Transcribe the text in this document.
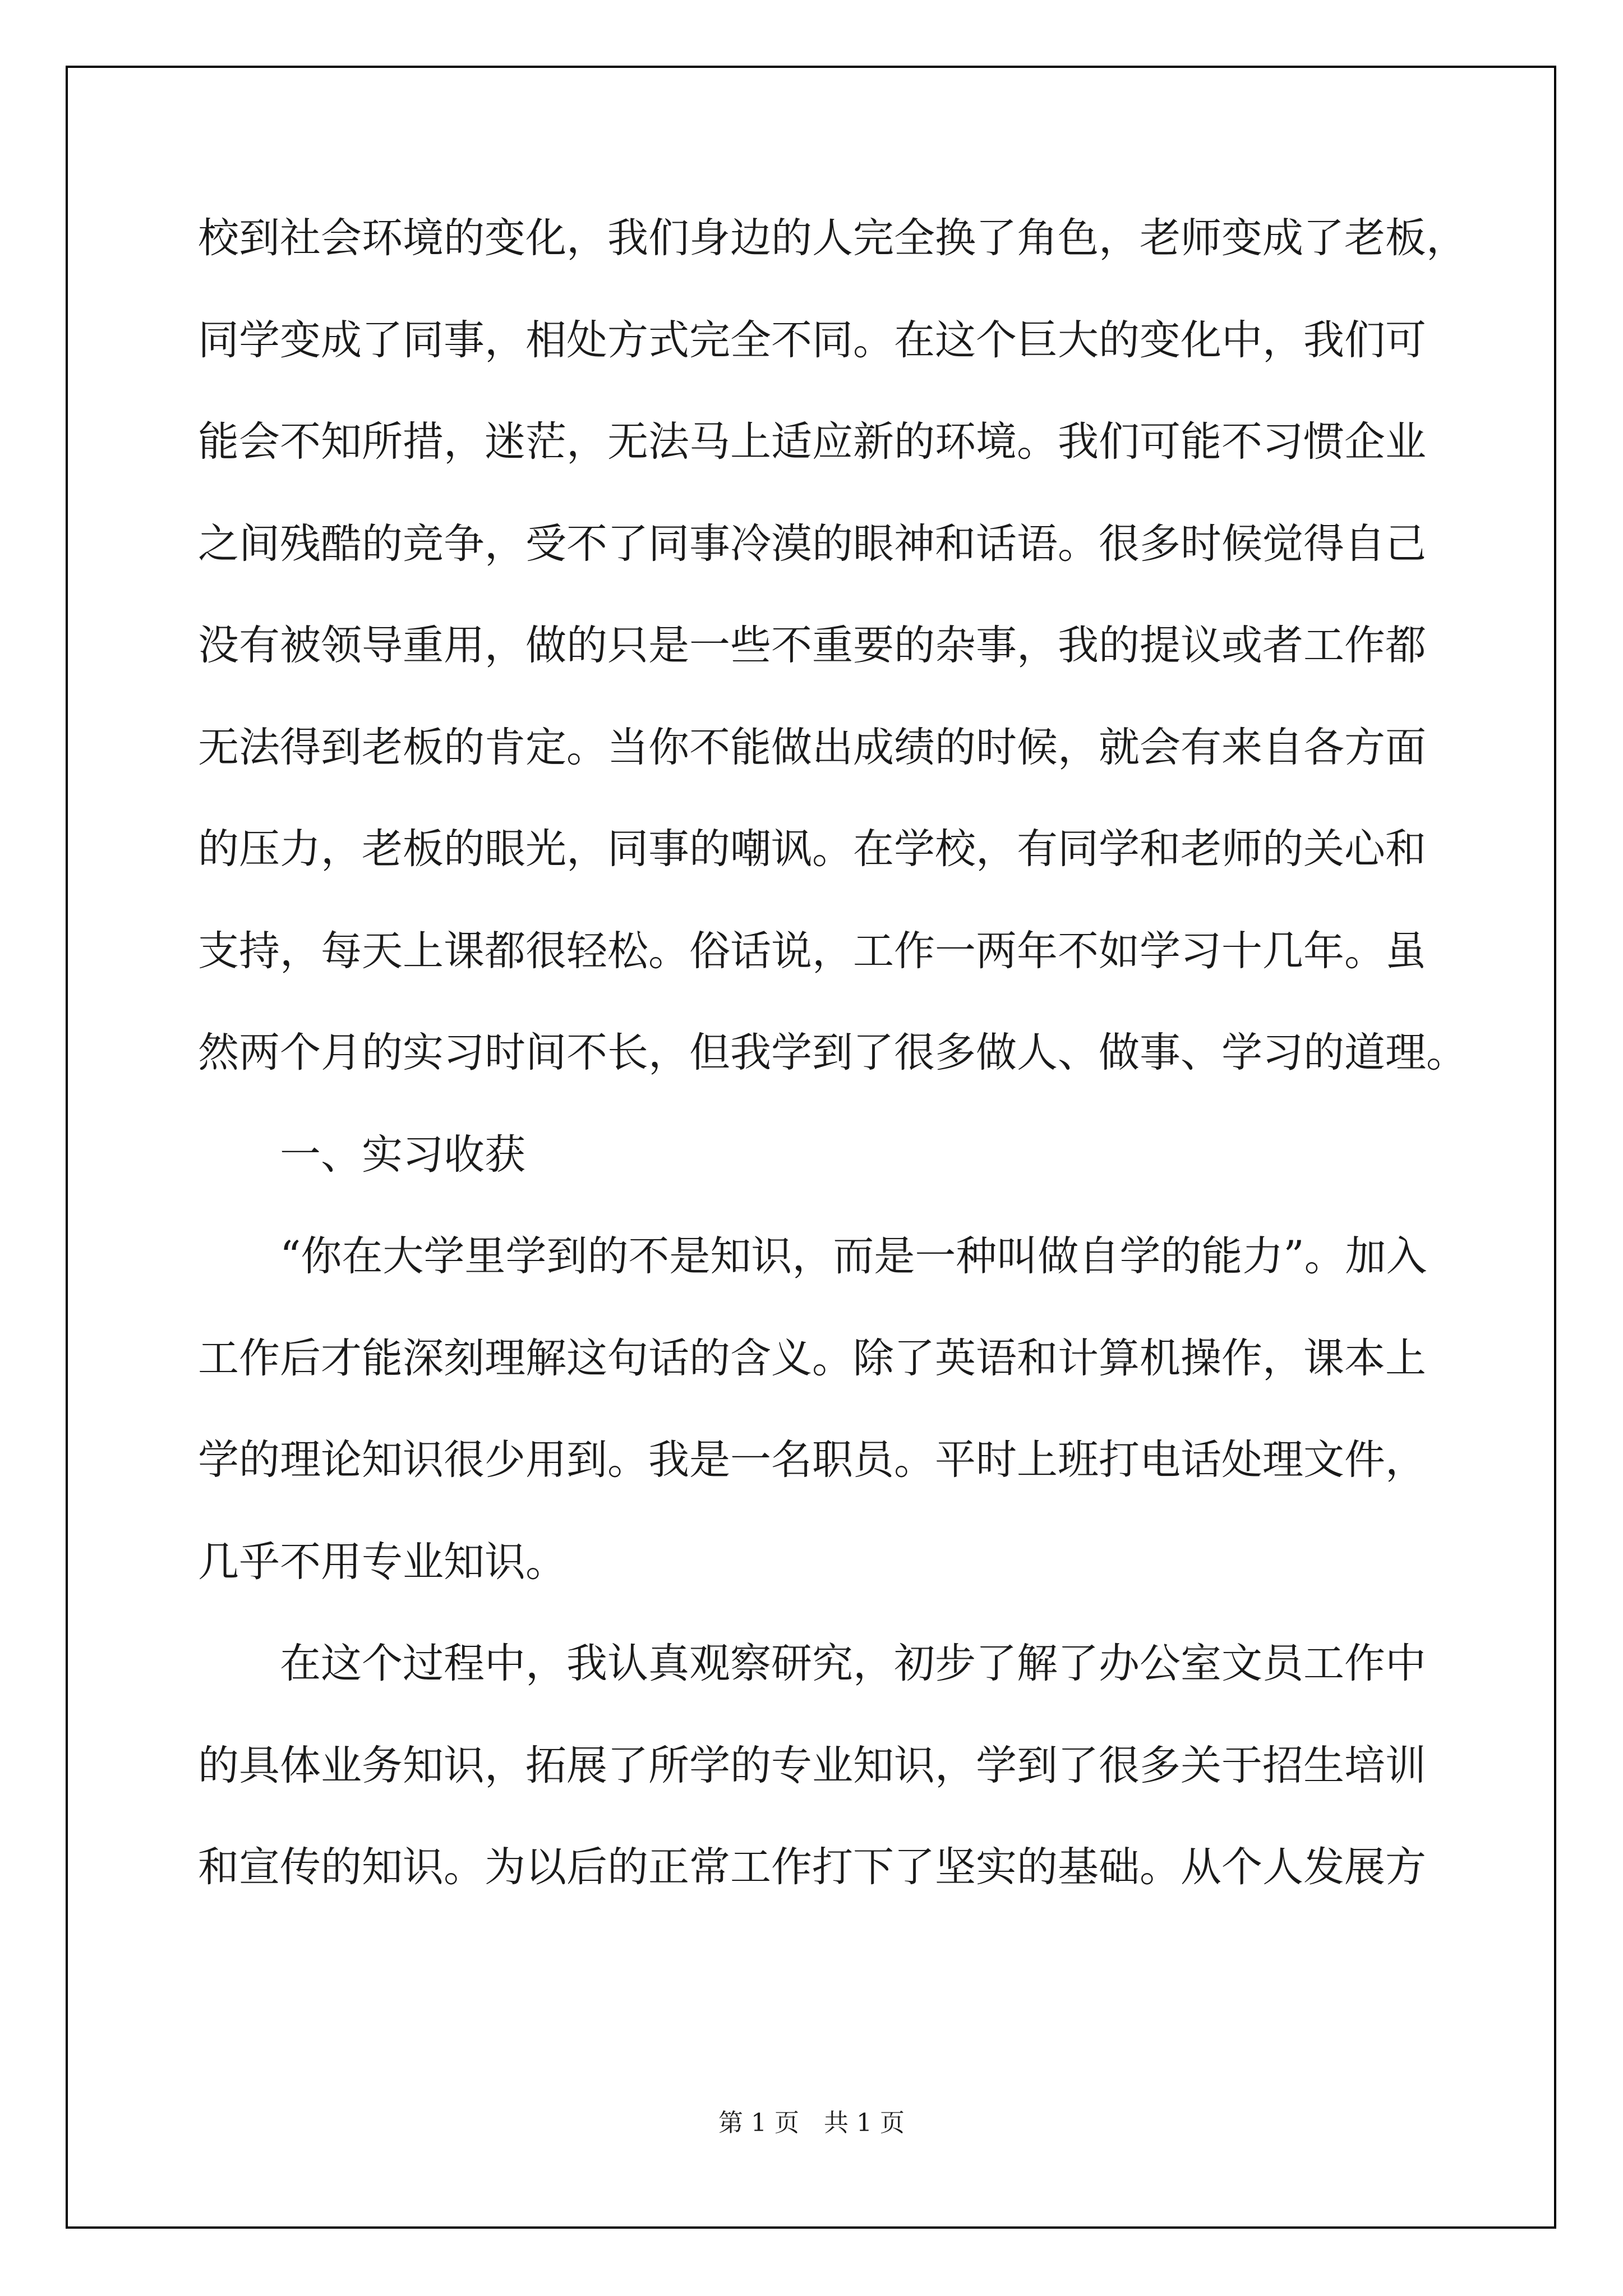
校到社会环境的变化，我们身边的人完全换了角色，老师变成了老板，
同学变成了同事，相处方式完全不同。在这个巨大的变化中，我们可
能会不知所措，迷茫，无法马上适应新的环境。我们可能不习惯企业
之间残酷的竞争，受不了同事冷漠的眼神和话语。很多时候觉得自己
没有被领导重用，做的只是一些不重要的杂事，我的提议或者工作都
无法得到老板的肯定。当你不能做出成绩的时候，就会有来自各方面
的压力，老板的眼光，同事的嘲讽。在学校，有同学和老师的关心和
支持，每天上课都很轻松。俗话说，工作一两年不如学习十几年。虽
然两个月的实习时间不长，但我学到了很多做人、做事、学习的道理。
一、实习收获
“你在大学里学到的不是知识，而是一种叫做自学的能力”。加入
工作后才能深刻理解这句话的含义。除了英语和计算机操作，课本上
学的理论知识很少用到。我是一名职员。平时上班打电话处理文件，
几乎不用专业知识。
在这个过程中，我认真观察研究，初步了解了办公室文员工作中
的具体业务知识，拓展了所学的专业知识，学到了很多关于招生培训
和宣传的知识。为以后的正常工作打下了坚实的基础。从个人发展方
第 1 页　共 1 页
